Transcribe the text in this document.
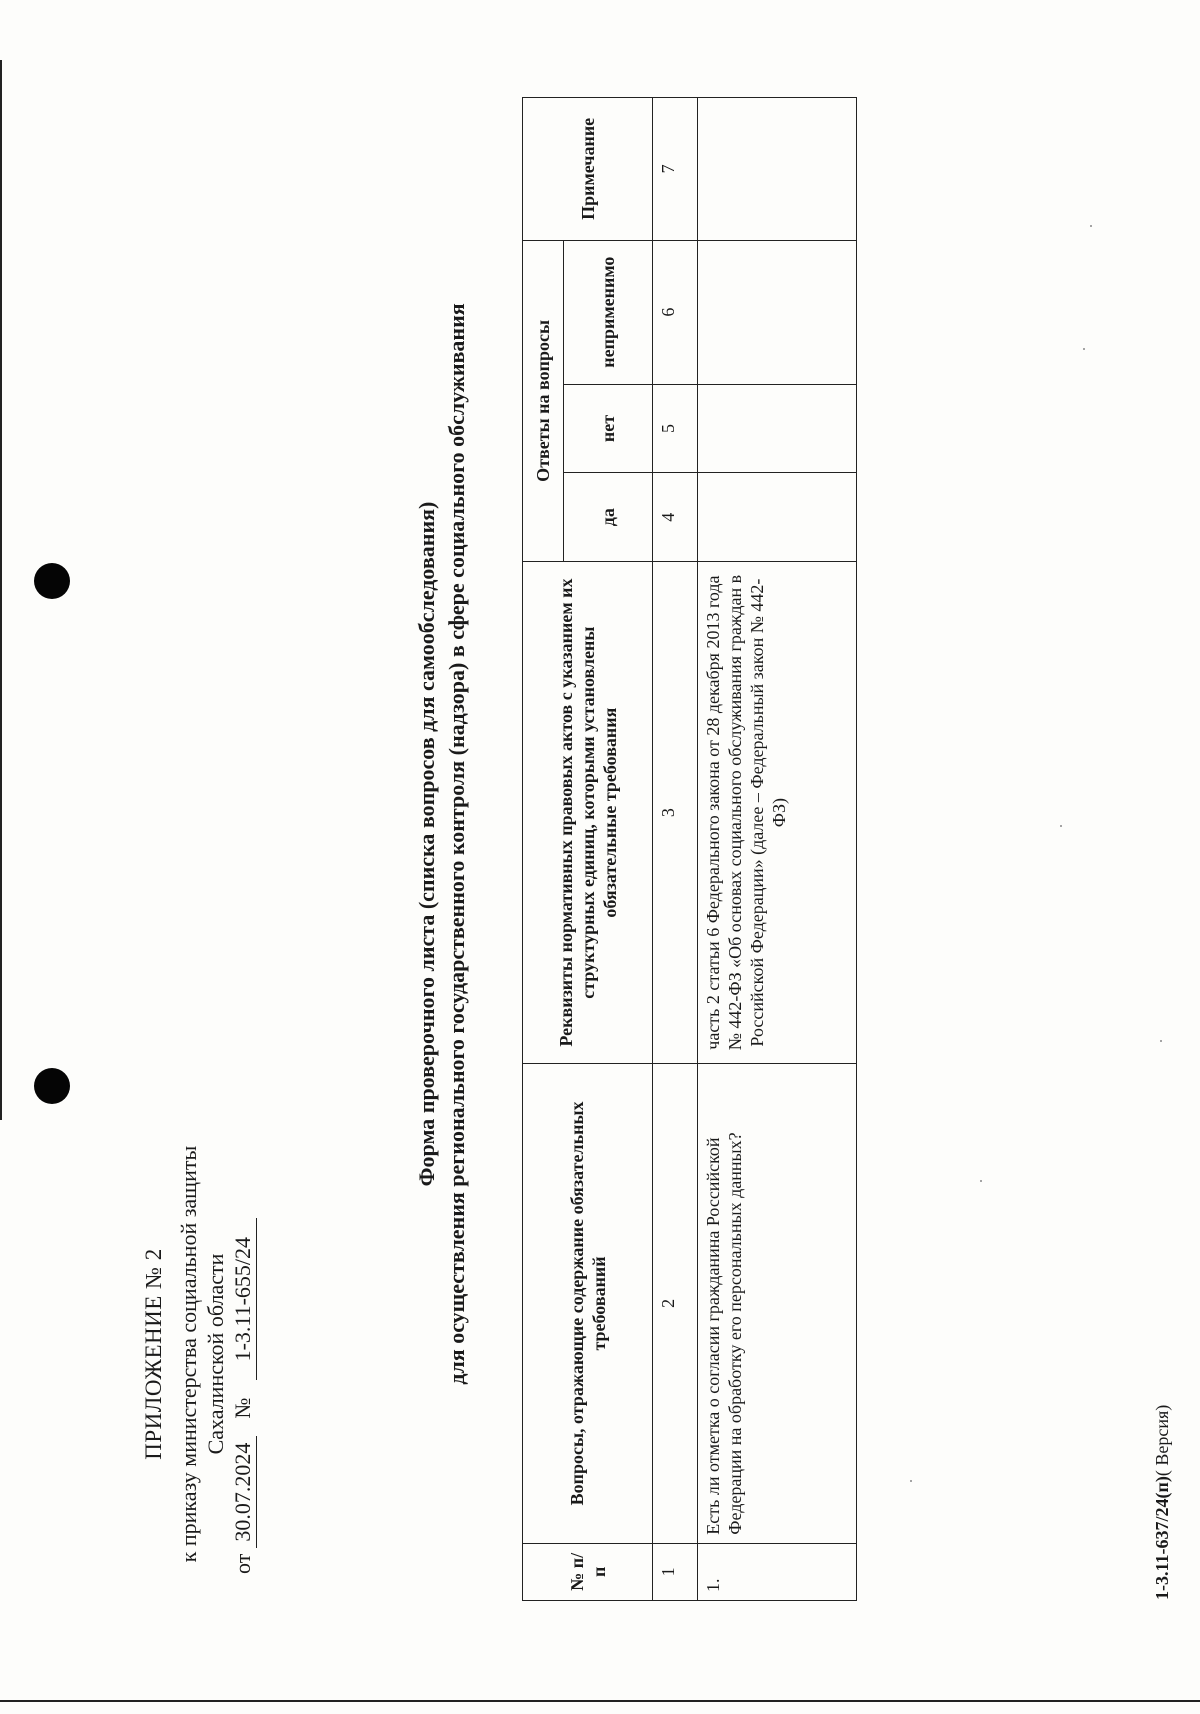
ПРИЛОЖЕНИЕ № 2 к приказу министерства социальной защиты Сахалинской области
от 30.07.2024 № 1-3.11-655/24
Форма проверочного листа (списка вопросов для самообследования) для осуществления регионального государственного контроля (надзора) в сфере социального обслуживания
№ п/п	Вопросы, отражающие содержание обязательных требований	Реквизиты нормативных правовых актов с указанием их структурных единиц, которыми установлены обязательные требования	Ответы на вопросы			Примечание
			да	нет	неприменимо	
1	2	3	4	5	6	7
1.	Есть ли отметка о согласии гражданина Российской Федерации на обработку его персональных данных?	часть 2 статьи 6 Федерального закона от 28 декабря 2013 года № 442-ФЗ «Об основах социального обслуживания граждан в Российской Федерации» (далее – Федеральный закон № 442-ФЗ)				
1-3.11-637/24(п)( Версия)
